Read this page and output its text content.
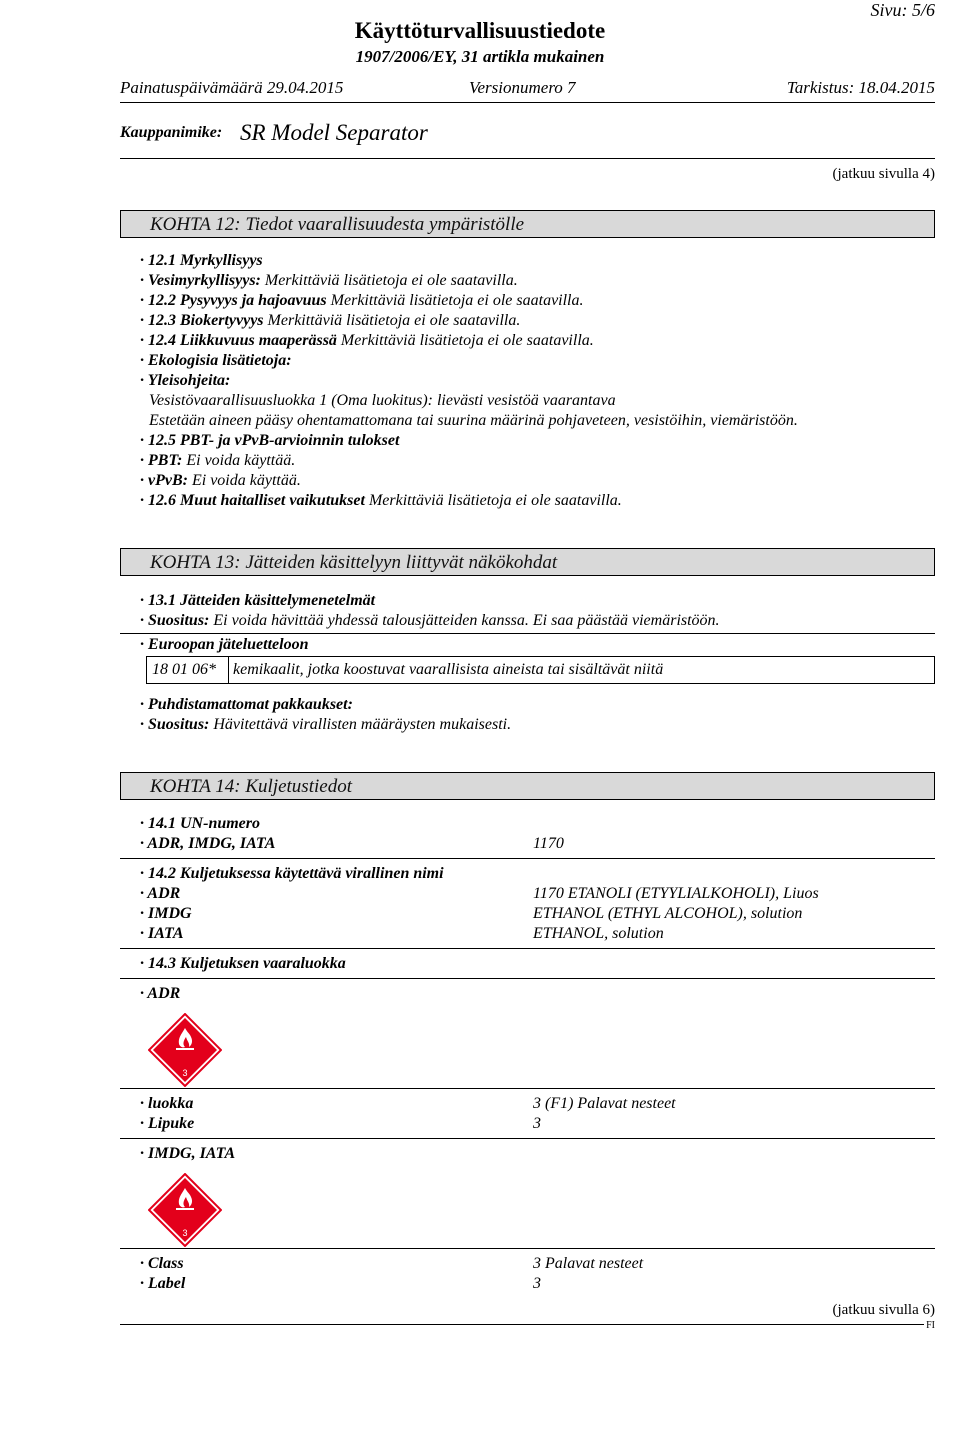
Sivu: 5/6
Käyttöturvallisuustiedote
1907/2006/EY, 31 artikla mukainen
Painatuspäivämäärä 29.04.2015	Versionumero 7	Tarkistus: 18.04.2015
Kauppanimike: SR Model Separator
(jatkuu sivulla 4)
KOHTA 12: Tiedot vaarallisuudesta ympäristölle
· 12.1 Myrkyllisyys
· Vesimyrkyllisyys: Merkittäviä lisätietoja ei ole saatavilla.
· 12.2 Pysyvyys ja hajoavuus Merkittäviä lisätietoja ei ole saatavilla.
· 12.3 Biokertyvyys Merkittäviä lisätietoja ei ole saatavilla.
· 12.4 Liikkuvuus maaperässä Merkittäviä lisätietoja ei ole saatavilla.
· Ekologisia lisätietoja:
· Yleisohjeita:
Vesistövaarallisuusluokka 1 (Oma luokitus): lievästi vesistöä vaarantava
Estetään aineen pääsy ohentamattomana tai suurina määrinä pohjaveteen, vesistöihin, viemäristöön.
· 12.5 PBT- ja vPvB-arvioinnin tulokset
· PBT: Ei voida käyttää.
· vPvB: Ei voida käyttää.
· 12.6 Muut haitalliset vaikutukset Merkittäviä lisätietoja ei ole saatavilla.
KOHTA 13: Jätteiden käsittelyyn liittyvät näkökohdat
· 13.1 Jätteiden käsittelymenetelmät
· Suositus: Ei voida hävittää yhdessä talousjätteiden kanssa. Ei saa päästää viemäristöön.
· Euroopan jäteluetteloon
18 01 06* kemikaalit, jotka koostuvat vaarallisista aineista tai sisältävät niitä
· Puhdistamattomat pakkaukset:
· Suositus: Hävitettävä virallisten määräysten mukaisesti.
KOHTA 14: Kuljetustiedot
· 14.1 UN-numero
· ADR, IMDG, IATA	1170
· 14.2 Kuljetuksessa käytettävä virallinen nimi
· ADR	1170 ETANOLI (ETYYLIALKOHOLI), Liuos
· IMDG	ETHANOL (ETHYL ALCOHOL), solution
· IATA	ETHANOL, solution
· 14.3 Kuljetuksen vaaraluokka
· ADR
3
· luokka	3 (F1) Palavat nesteet
· Lipuke	3
· IMDG, IATA
3
· Class	3 Palavat nesteet
· Label	3
(jatkuu sivulla 6)
FI
